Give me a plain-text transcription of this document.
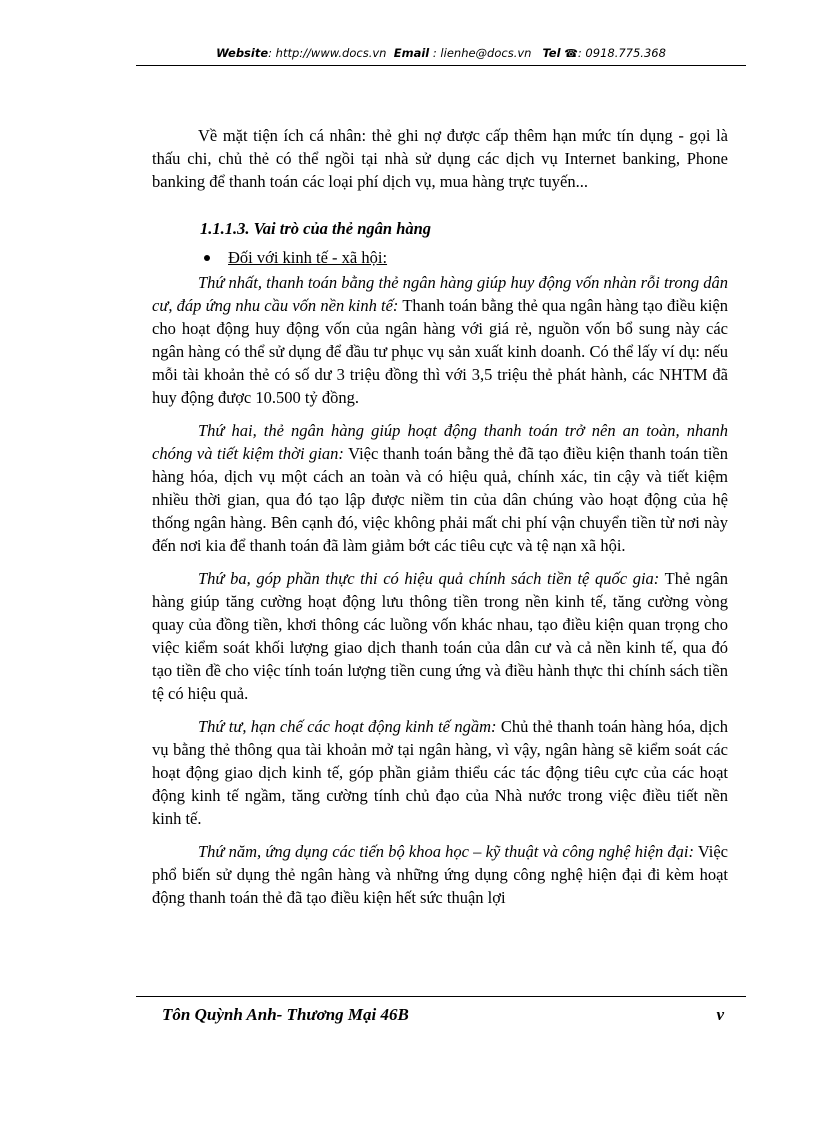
Website: http://www.docs.vn Email : lienhe@docs.vn Tel ☎: 0918.775.368

Về mặt tiện ích cá nhân: thẻ ghi nợ được cấp thêm hạn mức tín dụng - gọi là thấu chi, chủ thẻ có thể ngồi tại nhà sử dụng các dịch vụ Internet banking, Phone banking để thanh toán các loại phí dịch vụ, mua hàng trực tuyến...

1.1.1.3. Vai trò của thẻ ngân hàng
Đối với kinh tế - xã hội:

Thứ nhất, thanh toán bằng thẻ ngân hàng giúp huy động vốn nhàn rỗi trong dân cư, đáp ứng nhu cầu vốn nền kinh tế: Thanh toán bằng thẻ qua ngân hàng tạo điều kiện cho hoạt động huy động vốn của ngân hàng với giá rẻ, nguồn vốn bổ sung này các ngân hàng có thể sử dụng để đầu tư phục vụ sản xuất kinh doanh. Có thể lấy ví dụ: nếu mỗi tài khoản thẻ có số dư 3 triệu đồng thì với 3,5 triệu thẻ phát hành, các NHTM đã huy động được 10.500 tỷ đồng.

Thứ hai, thẻ ngân hàng giúp hoạt động thanh toán trở nên an toàn, nhanh chóng và tiết kiệm thời gian: Việc thanh toán bằng thẻ đã tạo điều kiện thanh toán tiền hàng hóa, dịch vụ một cách an toàn và có hiệu quả, chính xác, tin cậy và tiết kiệm nhiều thời gian, qua đó tạo lập được niềm tin của dân chúng vào hoạt động của hệ thống ngân hàng. Bên cạnh đó, việc không phải mất chi phí vận chuyển tiền từ nơi này đến nơi kia để thanh toán đã làm giảm bớt các tiêu cực và tệ nạn xã hội.

Thứ ba, góp phần thực thi có hiệu quả chính sách tiền tệ quốc gia: Thẻ ngân hàng giúp tăng cường hoạt động lưu thông tiền trong nền kinh tế, tăng cường vòng quay của đồng tiền, khơi thông các luồng vốn khác nhau, tạo điều kiện quan trọng cho việc kiểm soát khối lượng giao dịch thanh toán của dân cư và cả nền kinh tế, qua đó tạo tiền đề cho việc tính toán lượng tiền cung ứng và điều hành thực thi chính sách tiền tệ có hiệu quả.

Thứ tư, hạn chế các hoạt động kinh tế ngầm: Chủ thẻ thanh toán hàng hóa, dịch vụ bằng thẻ thông qua tài khoản mở tại ngân hàng, vì vậy, ngân hàng sẽ kiểm soát các hoạt động giao dịch kinh tế, góp phần giảm thiểu các tác động tiêu cực của các hoạt động kinh tế ngầm, tăng cường tính chủ đạo của Nhà nước trong việc điều tiết nền kinh tế.

Thứ năm, ứng dụng các tiến bộ khoa học – kỹ thuật và công nghệ hiện đại: Việc phổ biến sử dụng thẻ ngân hàng và những ứng dụng công nghệ hiện đại đi kèm hoạt động thanh toán thẻ đã tạo điều kiện hết sức thuận lợi

Tôn Quỳnh Anh- Thương Mại 46B	v
